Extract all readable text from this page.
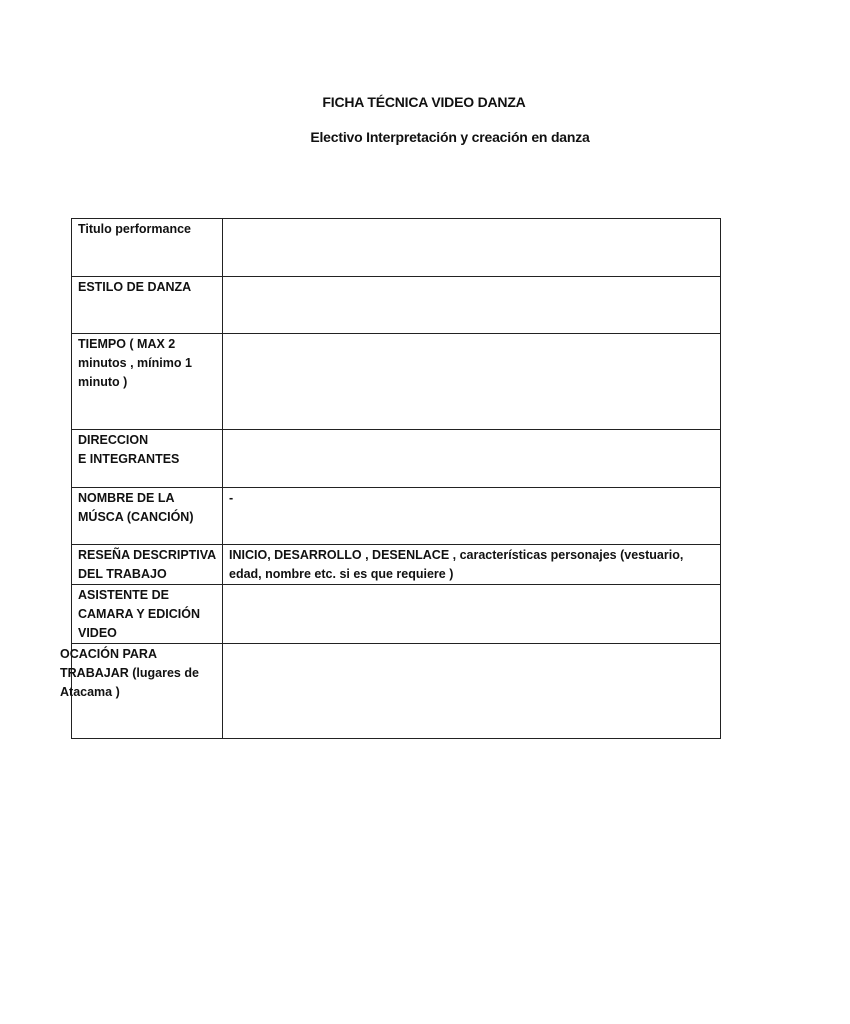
FICHA TÉCNICA VIDEO DANZA
Electivo Interpretación y creación en danza
Titulo performance	

ESTILO DE DANZA	

TIEMPO ( MAX 2
minutos , mínimo 1
minuto )	

DIRECCION
E INTEGRANTES	

NOMBRE DE LA
MÚSCA (CANCIÓN)	-

RESEÑA DESCRIPTIVA
DEL TRABAJO	INICIO, DESARROLLO , DESENLACE , características personajes (vestuario,
edad, nombre etc. si es que requiere )

ASISTENTE DE
CAMARA Y EDICIÓN
VIDEO	

OCACIÓN PARA
TRABAJAR (lugares de
Atacama )	
